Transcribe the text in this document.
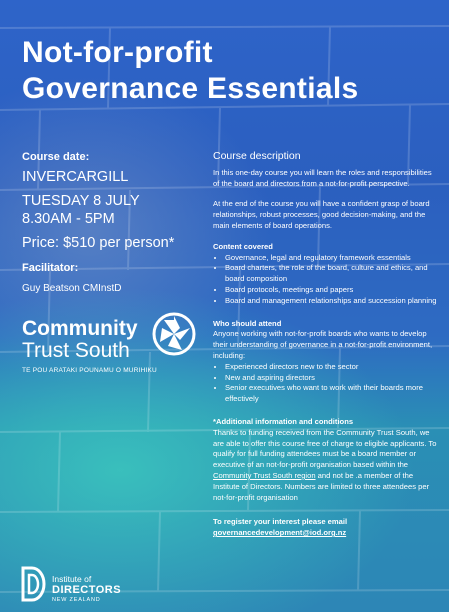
Not-for-profit
Governance Essentials
Course date:
INVERCARGILL
TUESDAY 8 JULY
8.30AM - 5PM
Price: $510 per person*
Facilitator:
Guy Beatson CMInstD
Community
Trust South
TE POU ARATAKI POUNAMU O MURIHIKU
Course description

In this one-day course you will learn the roles and responsibilities of the board and directors from a not-for-profit perspective.

At the end of the course you will have a confident grasp of board relationships, robust processes, good decision-making, and the main elements of board operations.

Content covered

• Governance, legal and regulatory framework essentials
• Board charters, the role of the board, culture and ethics, and board composition
• Board protocols, meetings and papers
• Board and management relationships and succession planning

Who should attend

Anyone working with not-for-profit boards who wants to develop their understanding of governance in a not-for-profit environment, including:

• Experienced directors new to the sector
• New and aspiring directors
• Senior executives who want to work with their boards more effectively

*Additional information and conditions

Thanks to funding received from the Community Trust South, we are able to offer this course free of charge to eligible applicants. To qualify for full funding attendees must be a board member or executive of an not-for-profit organisation based within the Community Trust South region and not be .a member of the Institute of Directors. Numbers are limited to three attendees per not-for-profit organisation

To register your interest please email

governancedevelopment@iod.org.nz

Institute of
DIRECTORS
NEW ZEALAND
